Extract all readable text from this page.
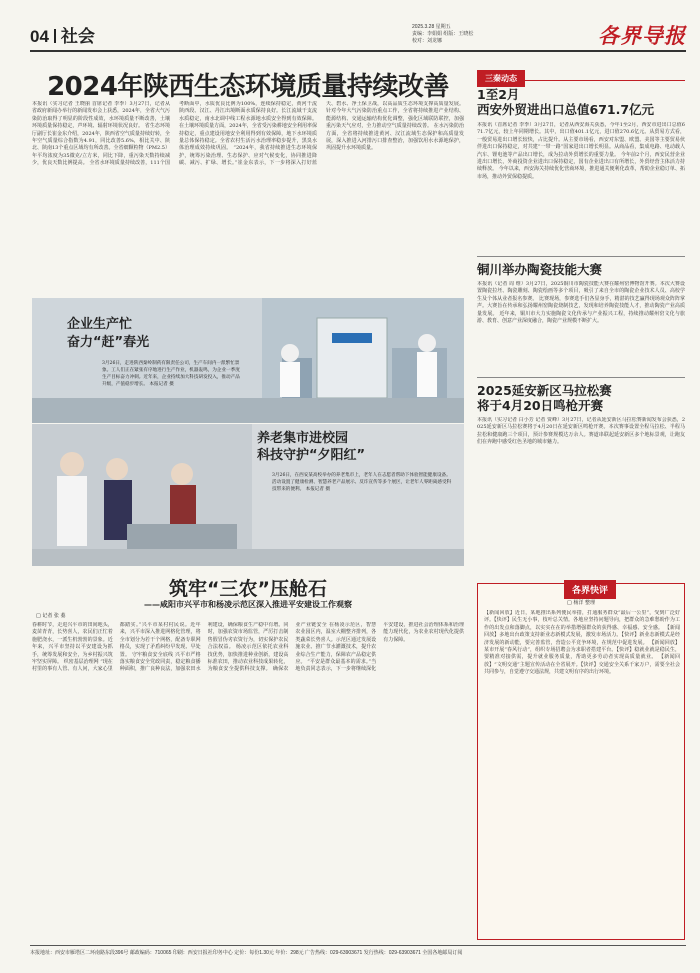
04 社会	2025.3.28 星期五
责编：李娟娟 组版：王晓松
校对：刘龙娜	各界导报
2024年陕西生态环境质量持续改善
本报讯（实习记者 王晓丽 首席记者 李季）3月27日，记者从省政府新闻办举行的新闻发布会上获悉，2024年，全省大气污染防治取得了明显的阶段性成效，水环境质量不断改善，土壤环境质量保持稳定，声环境、辐射环境状况良好。 省生态环境厅副厅长崔金东介绍，2024年，陕西省空气质量持续好转，全年空气质量综合指数为4.91，同比改善5.6%，相比关中、陕北、陕南13个重点区域均有所改善。全省细颗粒物（PM2.5）年平均浓度为35微克/立方米，同比下降，重污染天数持续减少，优良天数比例提高。 全省水环境质量持续改善，111个国考断面中，水质优良比例为100%，连续保持稳定，黄河干流陕西段、汉江、丹江出境断面水质保持良好。长江流域干支流水质稳定，南水北调中线工程水源地水质安全得到有效保障。 在土壤环境质量方面，2024年，全省受污染耕地安全利用率保持稳定，重点建设用地安全利用得到有效保障，地下水环境质量总体保持稳定。全省农村生活污水治理率稳步提升，黑臭水体治理成效持续巩固。 “2024年，我省持续推进生态环境保护，统筹污染治理、生态保护、应对气候变化，协同推进降碳、减污、扩绿、增长。”崔金东表示，下一步将深入打好蓝天、碧水、净土保卫战，以高品质生态环境支撑高质量发展。 针对今年大气污染防治重点工作，全省将持续推进产业结构、能源结构、交通运输结构优化调整，强化区域联防联控，加强重污染天气应对，全力推动空气质量持续改善。 在水污染防治方面，全省将持续推进黄河、汉江流域生态保护和高质量发展，深入推进入河排污口排查整治，加强饮用水水源地保护，巩固提升水环境质量。
企业生产忙
奋力“赶”春光
3月26日，走进陕西秦岭制药有限责任公司，生产车间内一派繁忙景象。工人们正在紧张有序地进行生产作业，机器轰鸣，为企业一季度生产目标奋力冲刺。近年来，企业持续加大科技研发投入，推动产品升级，产值稳步增长。 本报记者 摄
养老集市进校园
科技守护“夕阳红”
3月26日，在西安某高校举办的养老集市上，老年人在志愿者帮助下体验智能健康设备。活动设置了健康检测、智慧养老产品展示、反诈宣传等多个展区，让老年人零距离感受科技带来的便利。 本报记者 摄
筑牢“三农”压舱石
——咸阳市兴平市和杨凌示范区深入推进平安建设工作观察
□ 记者 张 蓁
春耕时节，走进兴平市的田间地头，麦苗青青，长势喜人，农民们正忙着施肥浇水，一派生机勃勃的景象。近年来，兴平市坚持以平安建设为抓手，统筹发展和安全，为乡村振兴筑牢坚实屏障。 织密基层治理网 “现在村里的事有人管、有人问，大家心里都踏实。”兴平市某村村民说。近年来，兴平市深入推进网格化管理，将全市划分为若干个网格，配备专职网格员，实现了矛盾纠纷早发现、早处置。 守牢粮食安全底线 兴平市严格落实粮食安全党政同责，稳定粮食播种面积，推广良种良法，加强农田水利建设，确保粮食生产稳中有增。同时，加强农资市场监管，严厉打击制售假冒伪劣农资行为，切实保护农民合法权益。 杨凌示范区依托农业科技优势，加快推进种业创新，建设高标准农田，推动农业科技成果转化，为粮食安全提供科技支撑。 确保农业产业链安全 在杨凌示范区，智慧农业园区内，温室大棚整齐排列，各类蔬菜长势喜人。示范区通过发展设施农业、推广节水灌溉技术，提升农业综合生产能力，保障农产品稳定供应。 “平安是群众最基本的需求。”当地负责同志表示，下一步将继续深化平安建设，推进社会治理体系和治理能力现代化，为农业农村现代化提供有力保障。
三秦动态
1至2月
西安外贸进出口总值671.7亿元
本报讯（首席记者 李季）3月27日，记者从西安海关获悉，今年1至2月，西安市进出口总值671.7亿元，较上年同期增长。其中，出口值401.1亿元，进口值270.6亿元。从贸易方式看，一般贸易进出口增长较快，占比提升。从主要市场看，西安对东盟、欧盟、美国等主要贸易伙伴进出口保持稳定，对共建“一带一路”国家进出口增长明显。从商品看，集成电路、电动载人汽车、锂电池等产品出口增长，成为拉动外贸增长的重要力量。 今年前2个月，西安民营企业进出口增长，外商投资企业进出口保持稳定，国有企业进出口有所增长，外贸经营主体活力持续释放。 今年以来，西安海关持续优化营商环境，推进通关便利化改革，帮助企业稳订单、拓市场，推动外贸保稳提质。
铜川举办陶瓷技能大赛
本报讯（记者 周 维）3月27日，2025铜川市陶瓷技能大赛在耀州窑博物馆开赛。本次大赛设置陶瓷拉坯、陶瓷雕刻、陶瓷绘画等多个项目，吸引了来自全市的陶瓷企业技术人员、高校学生及个体从业者报名参赛。 比赛现场，参赛选手们各显身手，精湛的技艺赢得现场观众阵阵掌声。大赛旨在传承和弘扬耀州窑陶瓷烧制技艺，发现和培养陶瓷技能人才，推动陶瓷产业高质量发展。 近年来，铜川市大力实施陶瓷文化传承与产业振兴工程，持续推动耀州窑文化与旅游、教育、创意产业深度融合，陶瓷产业规模不断扩大。
2025延安新区马拉松赛
将于4月20日鸣枪开赛
本报讯（实习记者 白小芳 记者 贾峰）3月27日，记者从延安新区马拉松赛新闻发布会获悉，2025延安新区马拉松赛将于4月20日在延安新区鸣枪开赛。本次赛事设置全程马拉松、半程马拉松和健康跑三个项目，预计参赛规模达万余人。赛道串联起延安新区多个地标景观，让跑友们在奔跑中感受红色圣地的城市魅力。
各界快评
□ 杨洋 整理
【新闻回放】近日，某地推出系列便民举措，打通服务群众“最后一公里”，受到广泛好评。【快评】民生无小事，枝叶总关情。各地应坚持问题导向，把群众的急难愁盼作为工作的出发点和落脚点，以实实在在的举措增强群众的获得感、幸福感、安全感。 【新闻回放】多地出台政策支持新业态新模式发展，激发市场活力。【快评】新业态新模式是经济发展的新动能，要完善监管，营造公平竞争环境，在规范中促进发展。 【新闻回放】某市开展“春风行动”，组织专场招聘会为求职者搭建平台。【快评】稳就业就是稳民生，要精准对接供需，提升就业服务质量，帮助更多劳动者实现高质量就业。 【新闻回放】“文明交通”主题宣传活动在全省展开。【快评】交通安全关系千家万户，需要全社会共同参与，自觉遵守交通法规，共建文明有序的出行环境。
本报地址：西安市雁塔区二环南路东段396号 邮政编码：710065 印刷：西安日报社印务中心 定价：每份1.30元 年价：298元 广告热线：029-63903671 发行热线：029-63903671 全国各地邮局订阅
